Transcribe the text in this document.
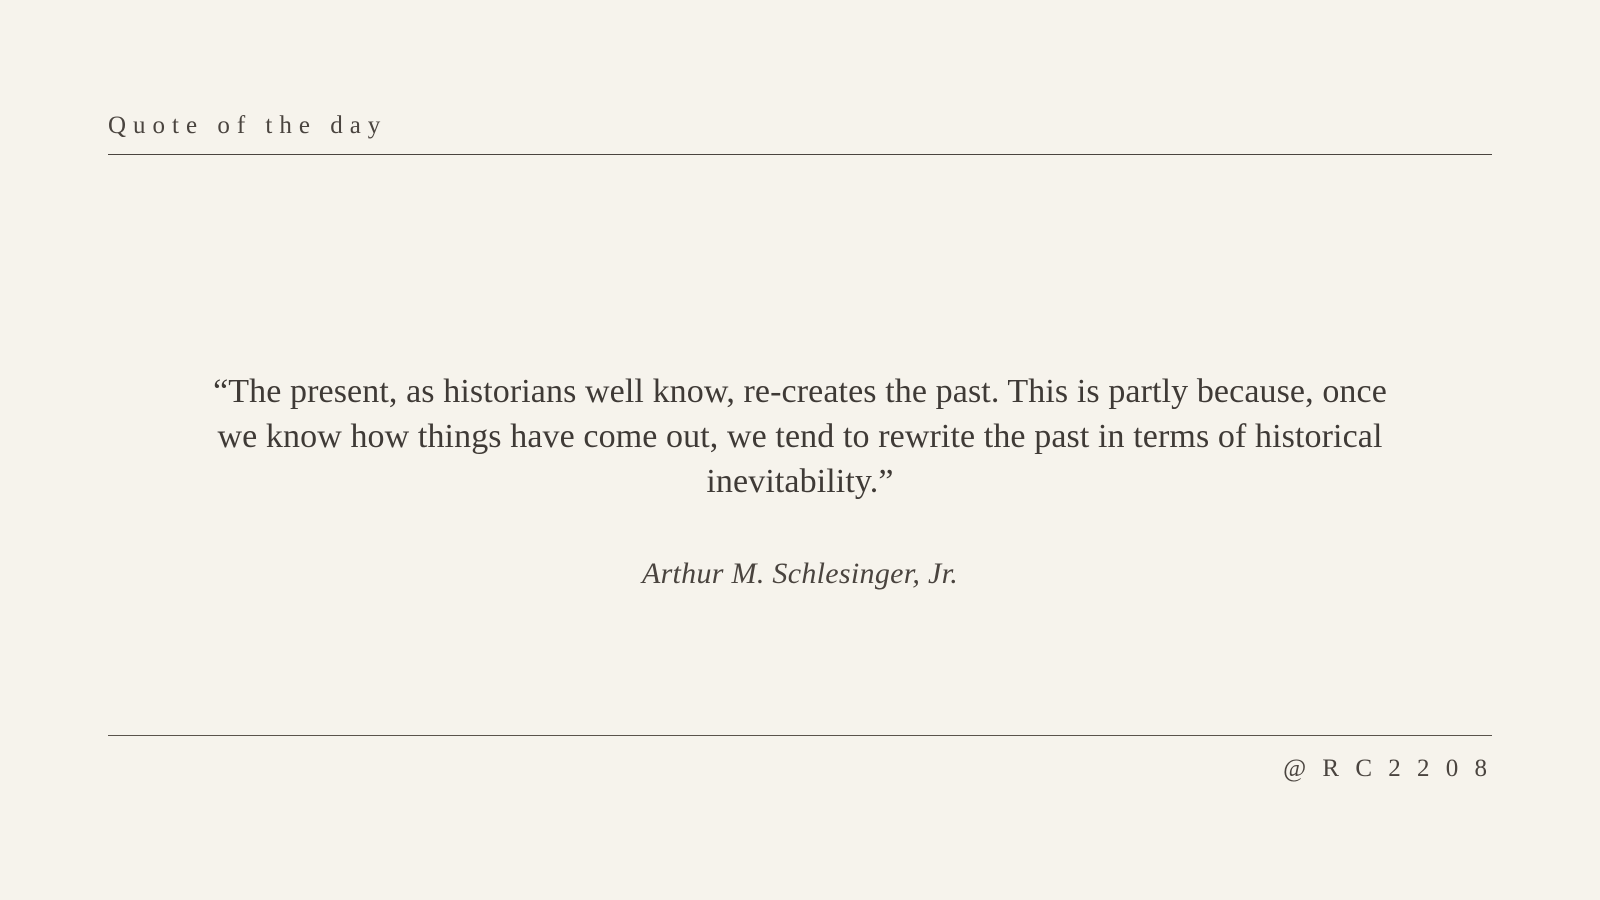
Quote of the day

“The present, as historians well know, re-creates the past. This is partly because, once we know how things have come out, we tend to rewrite the past in terms of historical inevitability.”

Arthur M. Schlesinger, Jr.
@ R C 2 2 0 8
